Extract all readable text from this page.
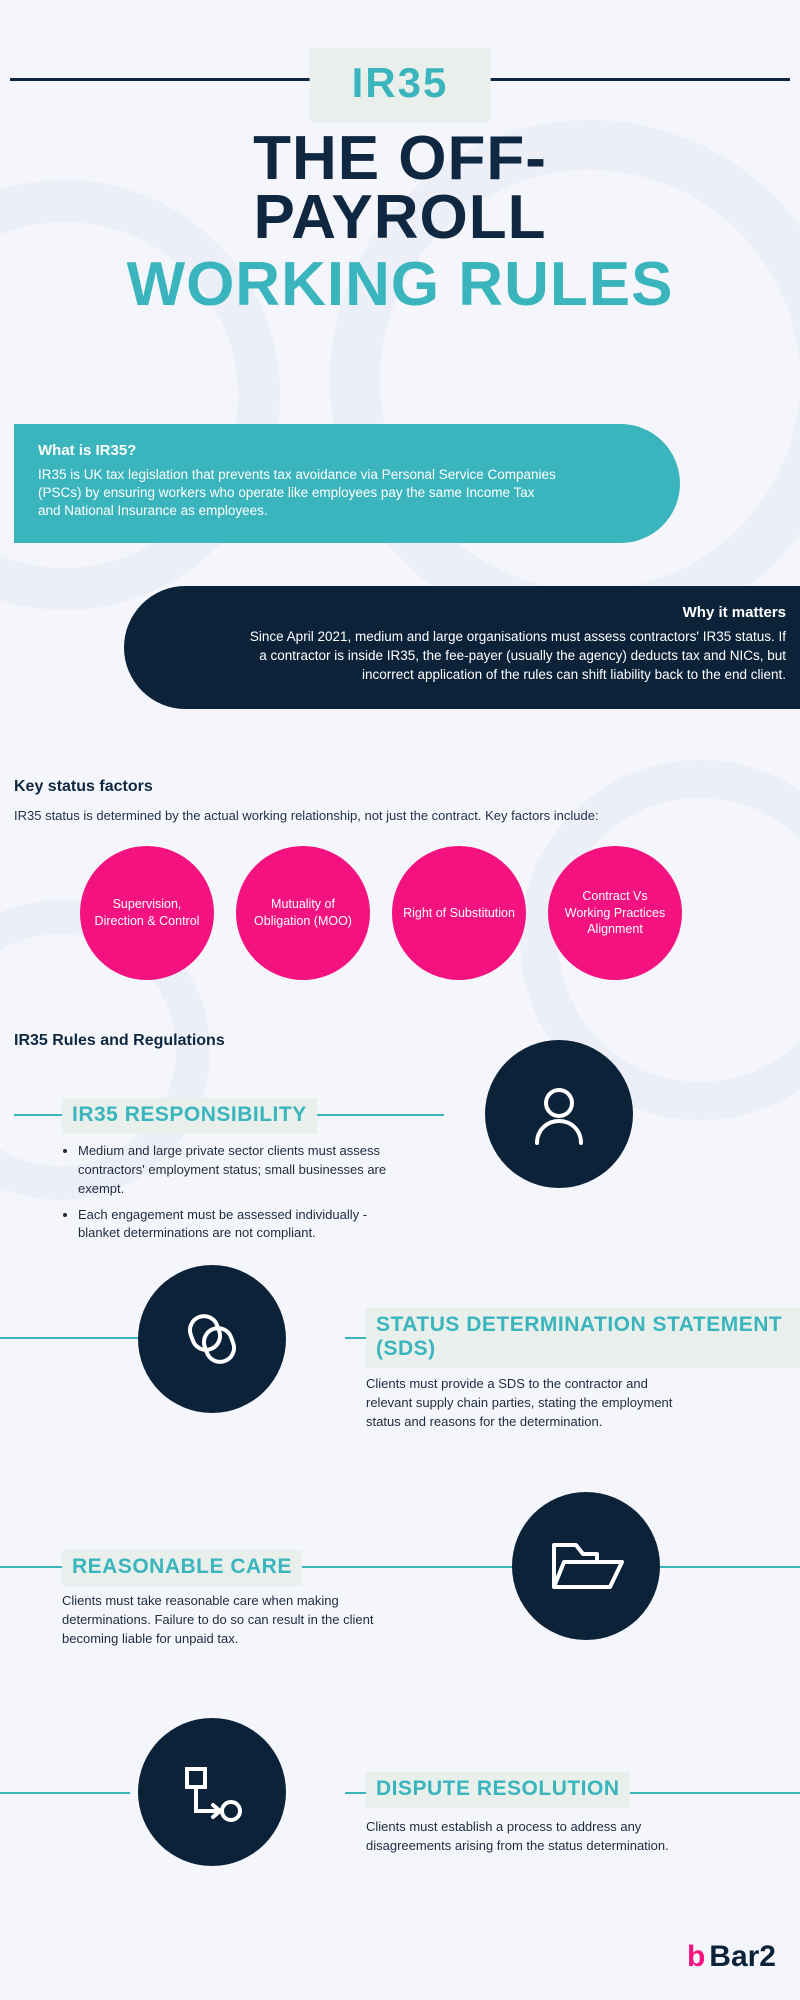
IR35
THE OFF-
PAYROLL
WORKING RULES
What is IR35?

IR35 is UK tax legislation that prevents tax avoidance via Personal Service Companies (PSCs) by ensuring workers who operate like employees pay the same Income Tax and National Insurance as employees.

Why it matters

Since April 2021, medium and large organisations must assess contractors' IR35 status. If a contractor is inside IR35, the fee-payer (usually the agency) deducts tax and NICs, but incorrect application of the rules can shift liability back to the end client.

Key status factors
IR35 status is determined by the actual working relationship, not just the contract. Key factors include:
Supervision, Direction & Control
Mutuality of Obligation (MOO)
Right of Substitution
Contract Vs Working Practices Alignment
IR35 Rules and Regulations
IR35 RESPONSIBILITY
• Medium and large private sector clients must assess contractors' employment status; small businesses are exempt.
• Each engagement must be assessed individually - blanket determinations are not compliant.
STATUS DETERMINATION STATEMENT (SDS)
Clients must provide a SDS to the contractor and relevant supply chain parties, stating the employment status and reasons for the determination.
REASONABLE CARE
Clients must take reasonable care when making determinations. Failure to do so can result in the client becoming liable for unpaid tax.
DISPUTE RESOLUTION
Clients must establish a process to address any disagreements arising from the status determination.
b Bar2
